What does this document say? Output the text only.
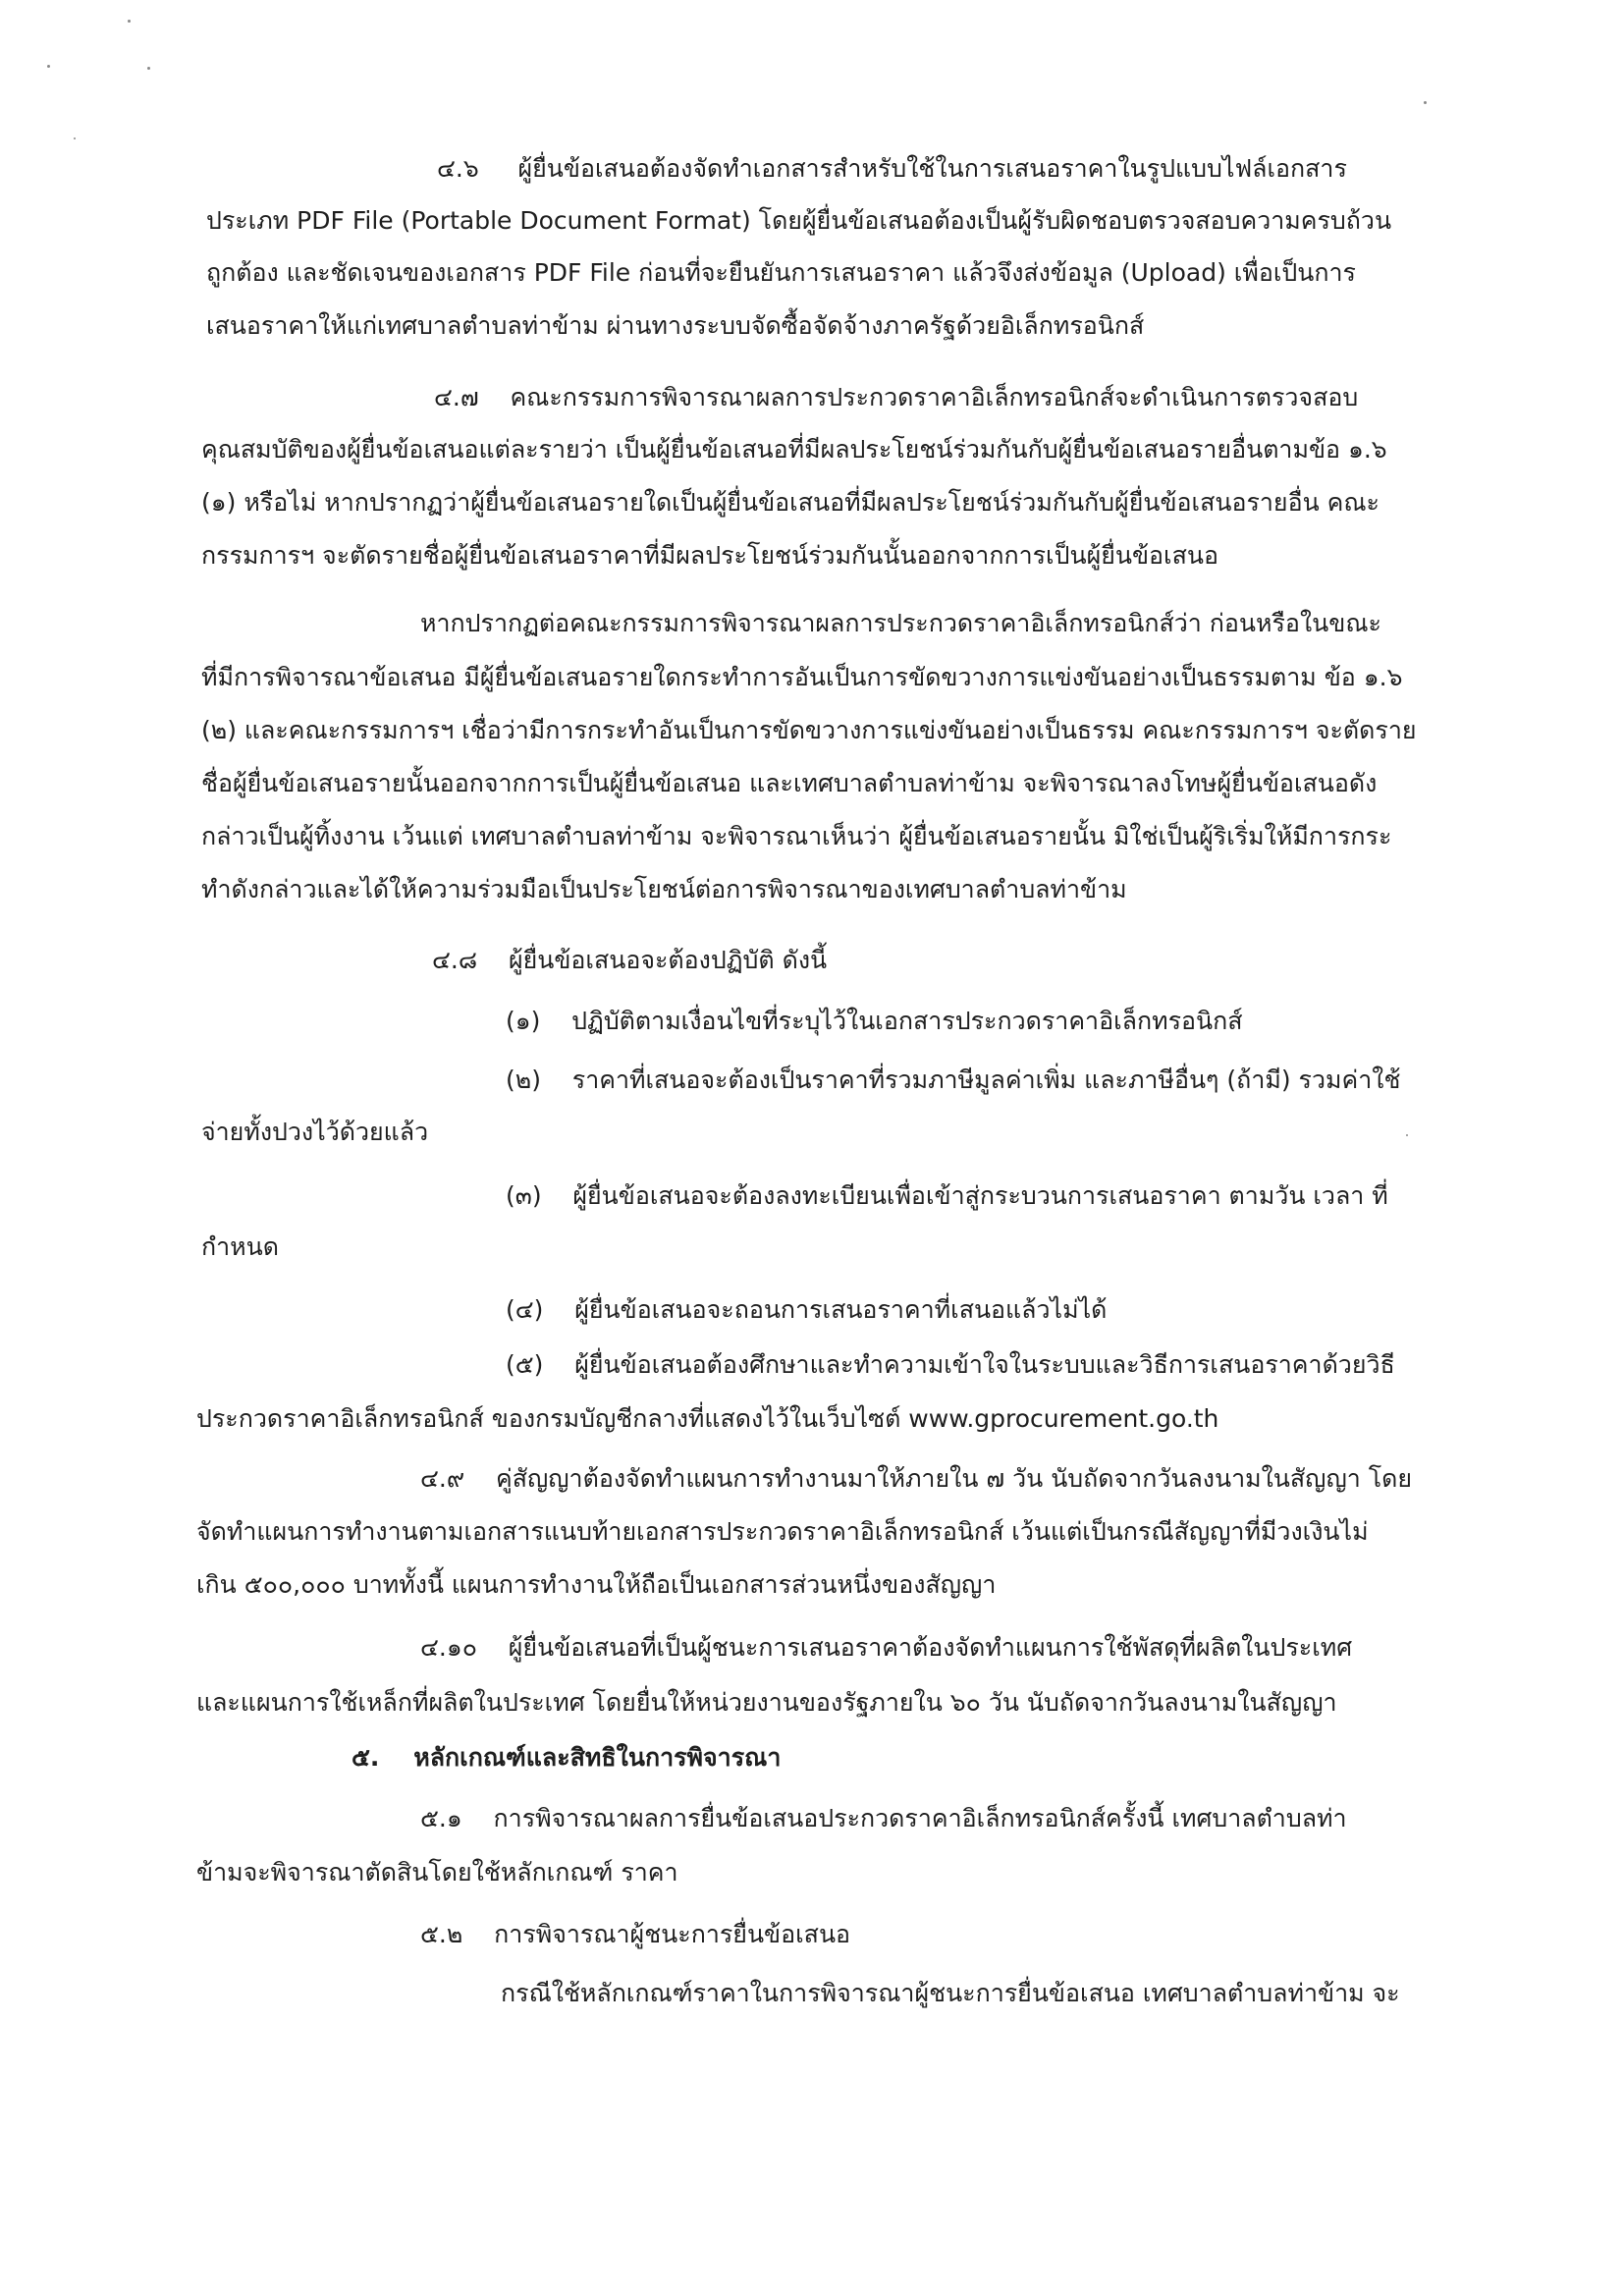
๔.๖     ผู้ยื่นข้อเสนอต้องจัดทำเอกสารสำหรับใช้ในการเสนอราคาในรูปแบบไฟล์เอกสาร

ประเภท PDF File (Portable Document Format) โดยผู้ยื่นข้อเสนอต้องเป็นผู้รับผิดชอบตรวจสอบความครบถ้วน

ถูกต้อง และชัดเจนของเอกสาร PDF File ก่อนที่จะยืนยันการเสนอราคา แล้วจึงส่งข้อมูล (Upload) เพื่อเป็นการ

เสนอราคาให้แก่เทศบาลตำบลท่าข้าม ผ่านทางระบบจัดซื้อจัดจ้างภาครัฐด้วยอิเล็กทรอนิกส์

๔.๗    คณะกรรมการพิจารณาผลการประกวดราคาอิเล็กทรอนิกส์จะดำเนินการตรวจสอบ

คุณสมบัติของผู้ยื่นข้อเสนอแต่ละรายว่า เป็นผู้ยื่นข้อเสนอที่มีผลประโยชน์ร่วมกันกับผู้ยื่นข้อเสนอรายอื่นตามข้อ ๑.๖

(๑) หรือไม่ หากปรากฏว่าผู้ยื่นข้อเสนอรายใดเป็นผู้ยื่นข้อเสนอที่มีผลประโยชน์ร่วมกันกับผู้ยื่นข้อเสนอรายอื่น คณะ

กรรมการฯ จะตัดรายชื่อผู้ยื่นข้อเสนอราคาที่มีผลประโยชน์ร่วมกันนั้นออกจากการเป็นผู้ยื่นข้อเสนอ

หากปรากฏต่อคณะกรรมการพิจารณาผลการประกวดราคาอิเล็กทรอนิกส์ว่า ก่อนหรือในขณะ

ที่มีการพิจารณาข้อเสนอ มีผู้ยื่นข้อเสนอรายใดกระทำการอันเป็นการขัดขวางการแข่งขันอย่างเป็นธรรมตาม ข้อ ๑.๖

(๒) และคณะกรรมการฯ เชื่อว่ามีการกระทำอันเป็นการขัดขวางการแข่งขันอย่างเป็นธรรม คณะกรรมการฯ จะตัดราย

ชื่อผู้ยื่นข้อเสนอรายนั้นออกจากการเป็นผู้ยื่นข้อเสนอ และเทศบาลตำบลท่าข้าม จะพิจารณาลงโทษผู้ยื่นข้อเสนอดัง

กล่าวเป็นผู้ทิ้งงาน เว้นแต่ เทศบาลตำบลท่าข้าม จะพิจารณาเห็นว่า ผู้ยื่นข้อเสนอรายนั้น มิใช่เป็นผู้ริเริ่มให้มีการกระ

ทำดังกล่าวและได้ให้ความร่วมมือเป็นประโยชน์ต่อการพิจารณาของเทศบาลตำบลท่าข้าม

๔.๘    ผู้ยื่นข้อเสนอจะต้องปฏิบัติ ดังนี้

(๑)    ปฏิบัติตามเงื่อนไขที่ระบุไว้ในเอกสารประกวดราคาอิเล็กทรอนิกส์

(๒)    ราคาที่เสนอจะต้องเป็นราคาที่รวมภาษีมูลค่าเพิ่ม และภาษีอื่นๆ (ถ้ามี) รวมค่าใช้

จ่ายทั้งปวงไว้ด้วยแล้ว

(๓)    ผู้ยื่นข้อเสนอจะต้องลงทะเบียนเพื่อเข้าสู่กระบวนการเสนอราคา ตามวัน เวลา ที่

กำหนด

(๔)    ผู้ยื่นข้อเสนอจะถอนการเสนอราคาที่เสนอแล้วไม่ได้

(๕)    ผู้ยื่นข้อเสนอต้องศึกษาและทำความเข้าใจในระบบและวิธีการเสนอราคาด้วยวิธี

ประกวดราคาอิเล็กทรอนิกส์ ของกรมบัญชีกลางที่แสดงไว้ในเว็บไซต์ www.gprocurement.go.th

๔.๙    คู่สัญญาต้องจัดทำแผนการทำงานมาให้ภายใน ๗ วัน นับถัดจากวันลงนามในสัญญา โดย

จัดทำแผนการทำงานตามเอกสารแนบท้ายเอกสารประกวดราคาอิเล็กทรอนิกส์ เว้นแต่เป็นกรณีสัญญาที่มีวงเงินไม่

เกิน ๕๐๐,๐๐๐ บาททั้งนี้ แผนการทำงานให้ถือเป็นเอกสารส่วนหนึ่งของสัญญา

๔.๑๐    ผู้ยื่นข้อเสนอที่เป็นผู้ชนะการเสนอราคาต้องจัดทำแผนการใช้พัสดุที่ผลิตในประเทศ

และแผนการใช้เหล็กที่ผลิตในประเทศ โดยยื่นให้หน่วยงานของรัฐภายใน ๖๐ วัน นับถัดจากวันลงนามในสัญญา

๕.    หลักเกณฑ์และสิทธิในการพิจารณา

๕.๑    การพิจารณาผลการยื่นข้อเสนอประกวดราคาอิเล็กทรอนิกส์ครั้งนี้ เทศบาลตำบลท่า

ข้ามจะพิจารณาตัดสินโดยใช้หลักเกณฑ์ ราคา

๕.๒    การพิจารณาผู้ชนะการยื่นข้อเสนอ

กรณีใช้หลักเกณฑ์ราคาในการพิจารณาผู้ชนะการยื่นข้อเสนอ เทศบาลตำบลท่าข้าม จะ
